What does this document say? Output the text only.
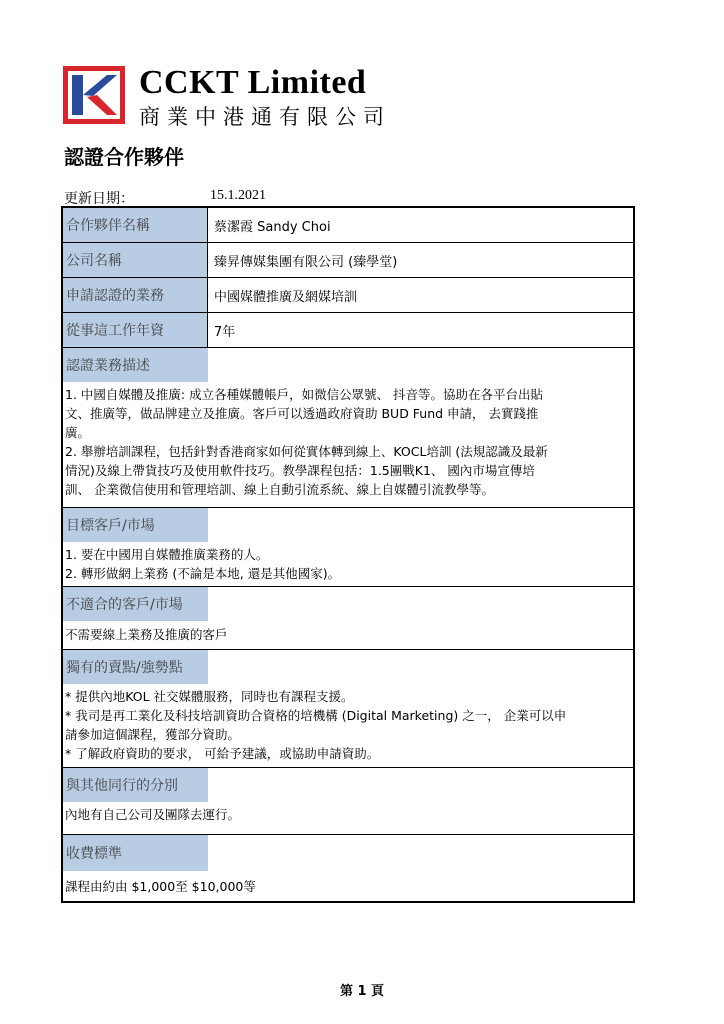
CCKT Limited
商業中港通有限公司
認證合作夥伴
更新日期：	15.1.2021
合作夥伴名稱	蔡潔霞 Sandy Choi
公司名稱	臻昇傳媒集團有限公司 (臻學堂)
申請認證的業務	中國媒體推廣及網媒培訓
從事這工作年資	7年
認證業務描述

1. 中國自媒體及推廣: 成立各種媒體帳戶，如微信公眾號、 抖音等。協助在各平台出貼

文、推廣等，做品牌建立及推廣。客戶可以透過政府資助 BUD Fund 申請， 去實踐推

廣。

2. 舉辦培訓課程，包括針對香港商家如何從實体轉到線上、KOCL培訓 (法規認識及最新

情況)及線上帶貨技巧及使用軟件技巧。教學課程包括：1.5團戰K1、 國內市場宣傳培

訓、 企業微信使用和管理培訓、線上自動引流系統、線上自媒體引流教學等。

目標客戶/市場

1. 要在中國用自媒體推廣業務的人。

2. 轉形做網上業務 (不論是本地, 還是其他國家)。

不適合的客戶/市場

不需要線上業務及推廣的客戶

獨有的賣點/強勢點

* 提供內地KOL 社交媒體服務，同時也有課程支援。

* 我司是再工業化及科技培訓資助合資格的培機構 (Digital Marketing) 之一， 企業可以申

請參加這個課程，獲部分資助。

* 了解政府資助的要求， 可給予建議，或協助申請資助。

與其他同行的分別

內地有自己公司及團隊去運行。

收費標準

課程由約由 $1,000至 $10,000等

第 1 頁
